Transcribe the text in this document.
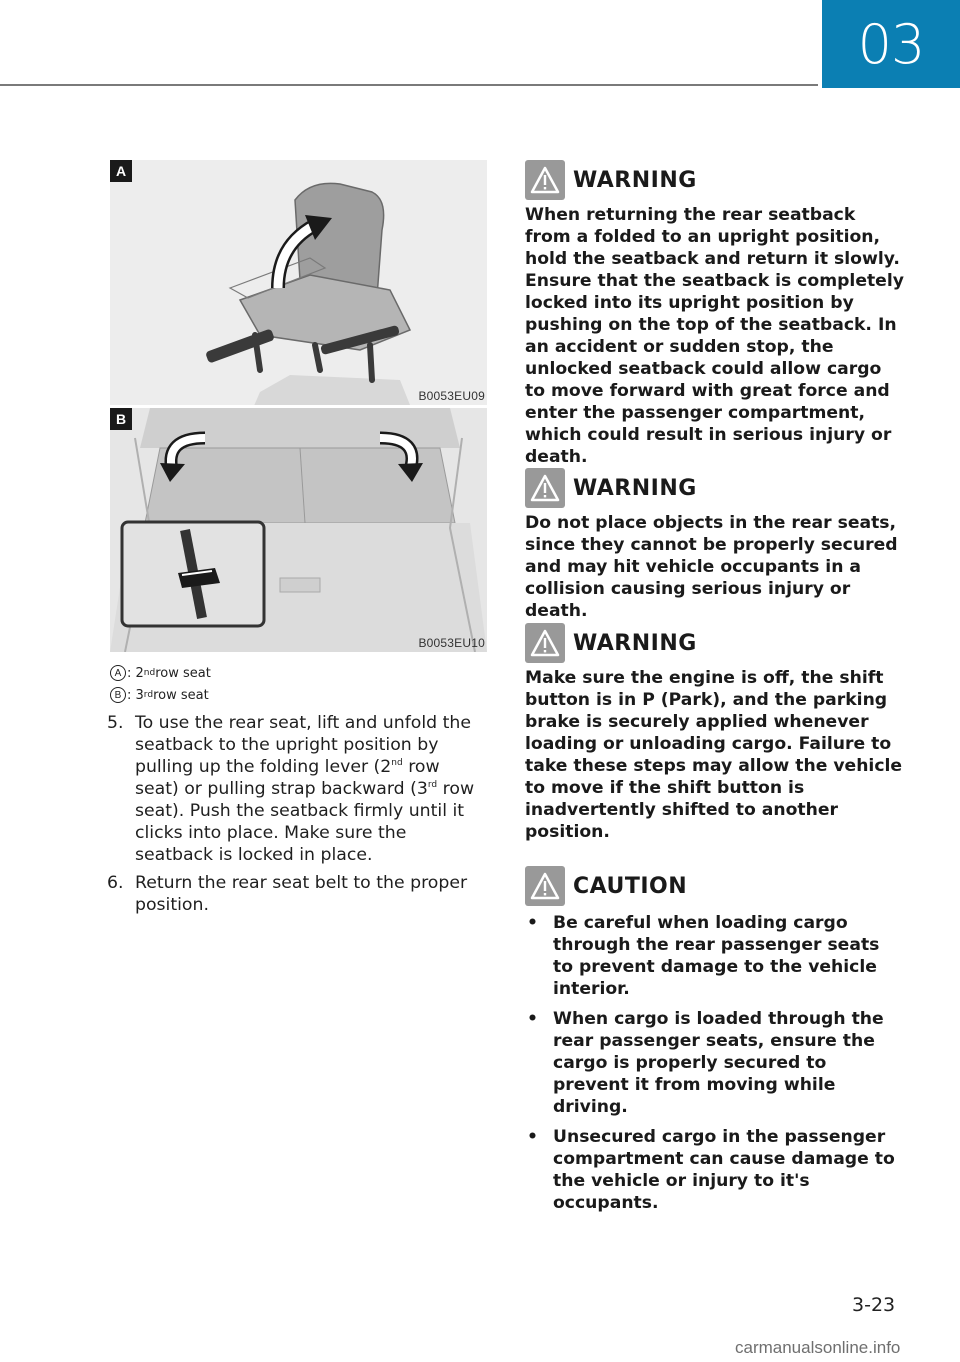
03
A
B0053EU09
B
B0053EU10
A : 2 nd row seat
B : 3 rd row seat
5. To use the rear seat, lift and unfold the seatback to the upright position by pulling up the folding lever (2nd row seat) or pulling strap backward (3rd row seat). Push the seatback firmly until it clicks into place. Make sure the seatback is locked in place.
6. Return the rear seat belt to the proper position.
WARNING
When returning the rear seatback from a folded to an upright position, hold the seatback and return it slowly. Ensure that the seatback is completely locked into its upright position by pushing on the top of the seatback. In an accident or sudden stop, the unlocked seatback could allow cargo to move forward with great force and enter the passenger compartment, which could result in serious injury or death.
WARNING
Do not place objects in the rear seats, since they cannot be properly secured and may hit vehicle occupants in a collision causing serious injury or death.
WARNING
Make sure the engine is off, the shift button is in P (Park), and the parking brake is securely applied whenever loading or unloading cargo. Failure to take these steps may allow the vehicle to move if the shift button is inadvertently shifted to another position.
CAUTION
• Be careful when loading cargo through the rear passenger seats to prevent damage to the vehicle interior.
• When cargo is loaded through the rear passenger seats, ensure the cargo is properly secured to prevent it from moving while driving.
• Unsecured cargo in the passenger compartment can cause damage to the vehicle or injury to it's occupants.
3-23
carmanualsonline.info
